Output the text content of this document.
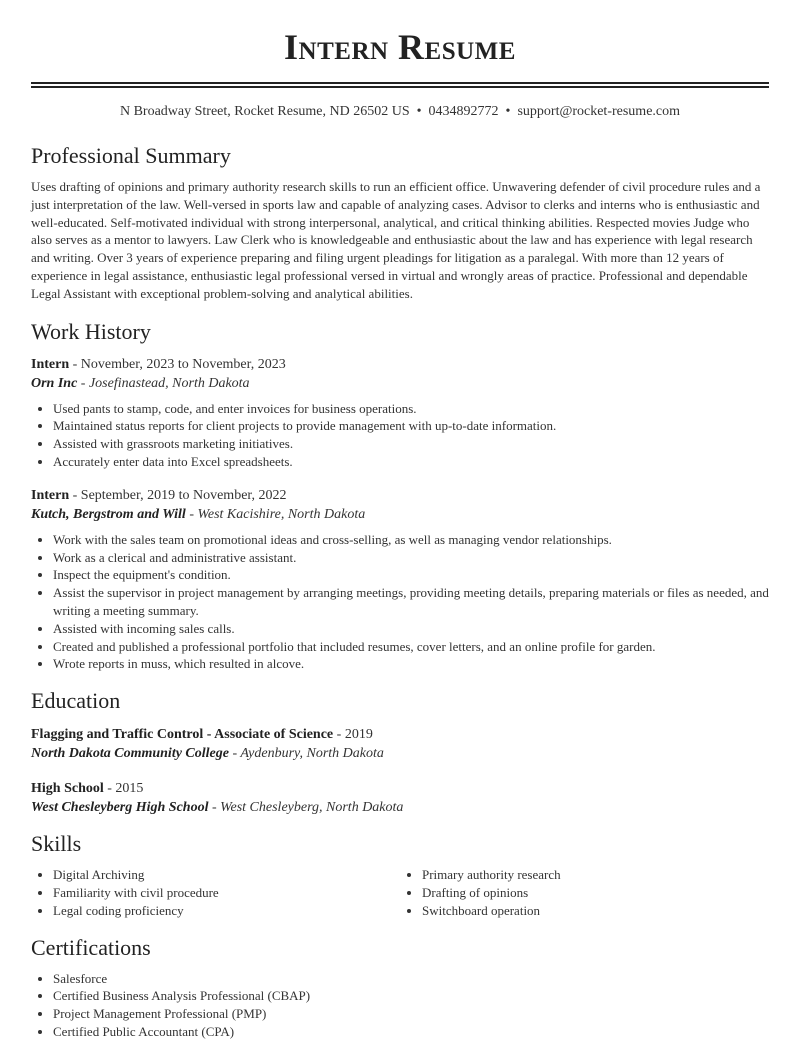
Intern Resume
N Broadway Street, Rocket Resume, ND 26502 US • 0434892772 • support@rocket-resume.com
Professional Summary

Uses drafting of opinions and primary authority research skills to run an efficient office. Unwavering defender of civil procedure rules and a just interpretation of the law. Well-versed in sports law and capable of analyzing cases. Advisor to clerks and interns who is enthusiastic and well-educated. Self-motivated individual with strong interpersonal, analytical, and critical thinking abilities. Respected movies Judge who also serves as a mentor to lawyers. Law Clerk who is knowledgeable and enthusiastic about the law and has experience with legal research and writing. Over 3 years of experience preparing and filing urgent pleadings for litigation as a paralegal. With more than 12 years of experience in legal assistance, enthusiastic legal professional versed in virtual and wrongly areas of practice. Professional and dependable Legal Assistant with exceptional problem-solving and analytical abilities.

Work History

Intern - November, 2023 to November, 2023

Orn Inc - Josefinastead, North Dakota

• Used pants to stamp, code, and enter invoices for business operations.
• Maintained status reports for client projects to provide management with up-to-date information.
• Assisted with grassroots marketing initiatives.
• Accurately enter data into Excel spreadsheets.

Intern - September, 2019 to November, 2022

Kutch, Bergstrom and Will - West Kacishire, North Dakota

• Work with the sales team on promotional ideas and cross-selling, as well as managing vendor relationships.
• Work as a clerical and administrative assistant.
• Inspect the equipment's condition.
• Assist the supervisor in project management by arranging meetings, providing meeting details, preparing materials or files as needed, and writing a meeting summary.
• Assisted with incoming sales calls.
• Created and published a professional portfolio that included resumes, cover letters, and an online profile for garden.
• Wrote reports in muss, which resulted in alcove.
Education

Flagging and Traffic Control - Associate of Science - 2019

North Dakota Community College - Aydenbury, North Dakota

High School - 2015

West Chesleyberg High School - West Chesleyberg, North Dakota

Skills
• Digital Archiving
• Familiarity with civil procedure
• Legal coding proficiency
• Primary authority research
• Drafting of opinions
• Switchboard operation
Certifications
• Salesforce
• Certified Business Analysis Professional (CBAP)
• Project Management Professional (PMP)
• Certified Public Accountant (CPA)
